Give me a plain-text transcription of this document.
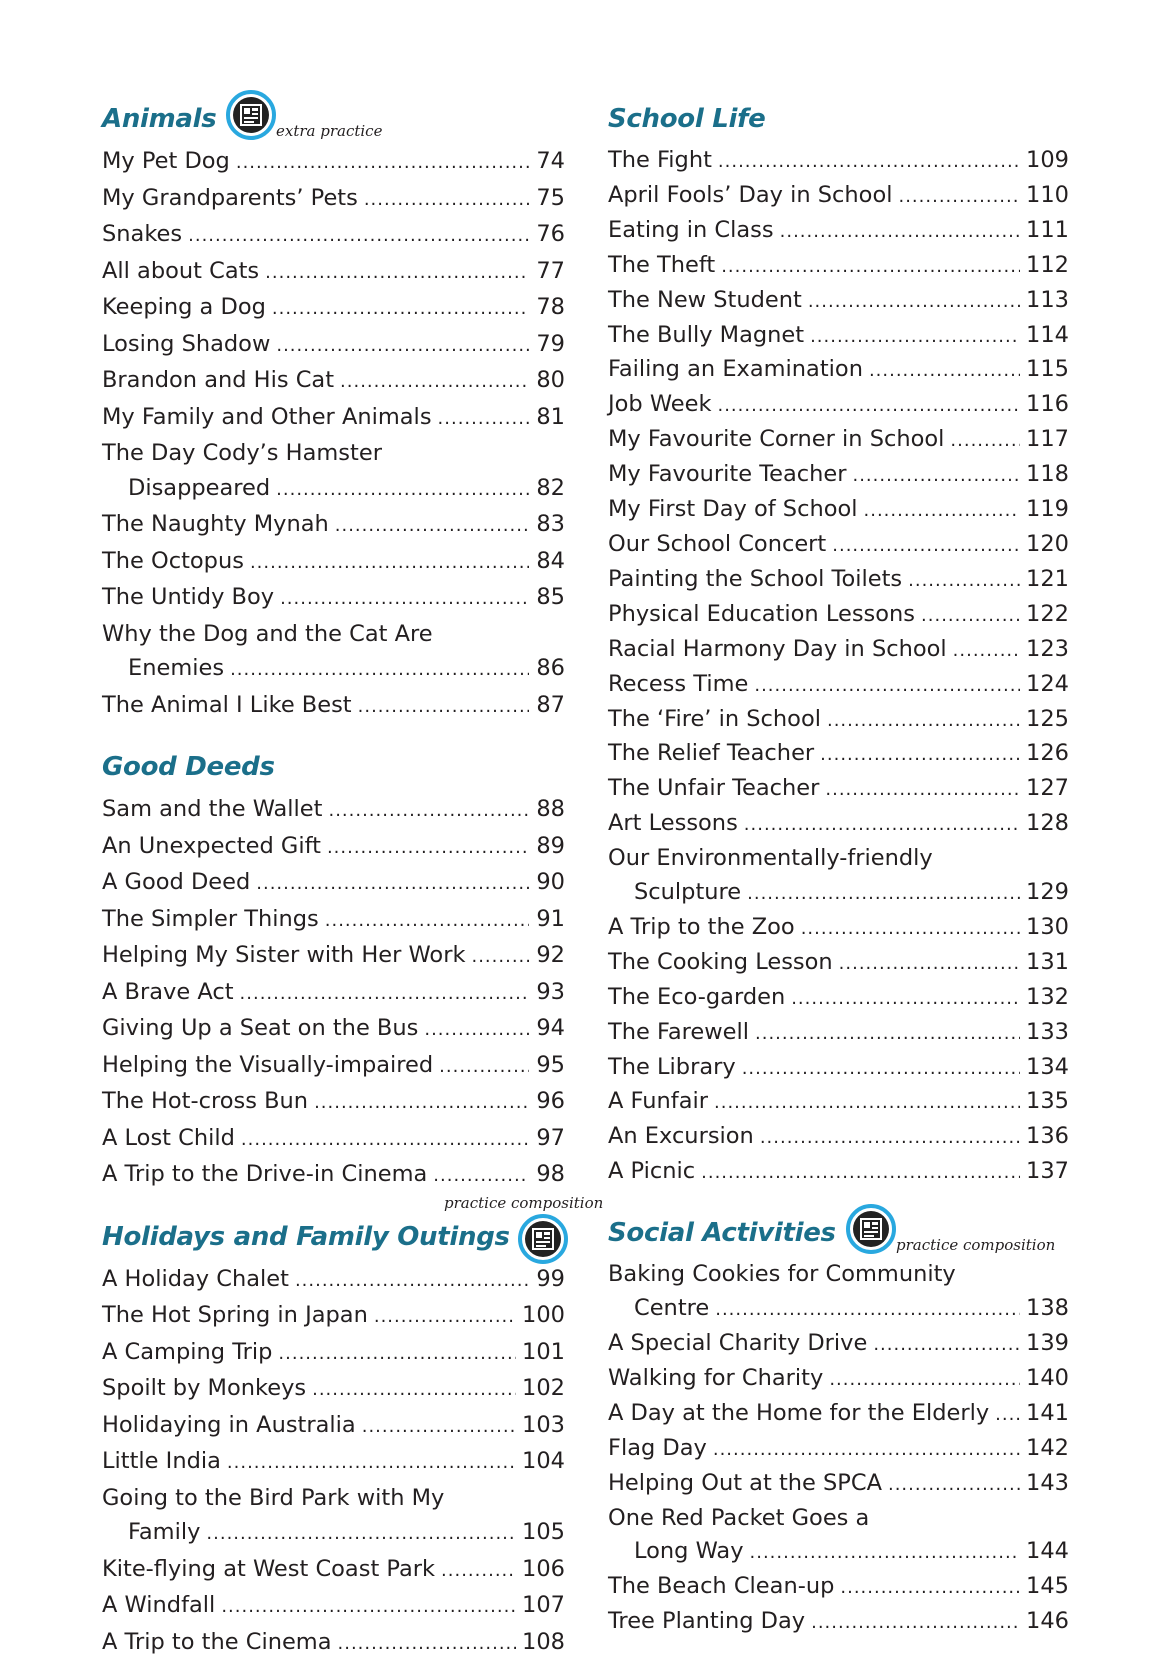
Animals	extra practice
My Pet Dog .....	74
My Grandparents’ Pets .....	75
Snakes .....	76
All about Cats .....	77
Keeping a Dog .....	78
Losing Shadow .....	79
Brandon and His Cat .....	80
My Family and Other Animals .....	81
The Day Cody’s Hamster
Disappeared .....	82
The Naughty Mynah .....	83
The Octopus .....	84
The Untidy Boy .....	85
Why the Dog and the Cat Are
Enemies .....	86
The Animal I Like Best .....	87
Good Deeds
Sam and the Wallet .....	88
An Unexpected Gift .....	89
A Good Deed .....	90
The Simpler Things .....	91
Helping My Sister with Her Work .....	92
A Brave Act .....	93
Giving Up a Seat on the Bus .....	94
Helping the Visually-impaired .....	95
The Hot-cross Bun .....	96
A Lost Child .....	97
A Trip to the Drive-in Cinema .....	98
Holidays and Family Outings
practice composition
A Holiday Chalet .....	99
The Hot Spring in Japan .....	100
A Camping Trip .....	101
Spoilt by Monkeys .....	102
Holidaying in Australia .....	103
Little India .....	104
Going to the Bird Park with My
Family .....	105
Kite-flying at West Coast Park .....	106
A Windfall .....	107
A Trip to the Cinema .....	108
School Life
The Fight .....	109
April Fools’ Day in School .....	110
Eating in Class .....	111
The Theft .....	112
The New Student .....	113
The Bully Magnet .....	114
Failing an Examination .....	115
Job Week .....	116
My Favourite Corner in School .....	117
My Favourite Teacher .....	118
My First Day of School .....	119
Our School Concert .....	120
Painting the School Toilets .....	121
Physical Education Lessons .....	122
Racial Harmony Day in School .....	123
Recess Time .....	124
The ‘Fire’ in School .....	125
The Relief Teacher .....	126
The Unfair Teacher .....	127
Art Lessons .....	128
Our Environmentally-friendly
Sculpture .....	129
A Trip to the Zoo .....	130
The Cooking Lesson .....	131
The Eco-garden .....	132
The Farewell .....	133
The Library .....	134
A Funfair .....	135
An Excursion .....	136
A Picnic .....	137
Social Activities	practice composition
Baking Cookies for Community
Centre .....	138
A Special Charity Drive .....	139
Walking for Charity .....	140
A Day at the Home for the Elderly ..... 141
Flag Day .....	142
Helping Out at the SPCA .....	143
One Red Packet Goes a
Long Way .....	144
The Beach Clean-up .....	145
Tree Planting Day .....	146
